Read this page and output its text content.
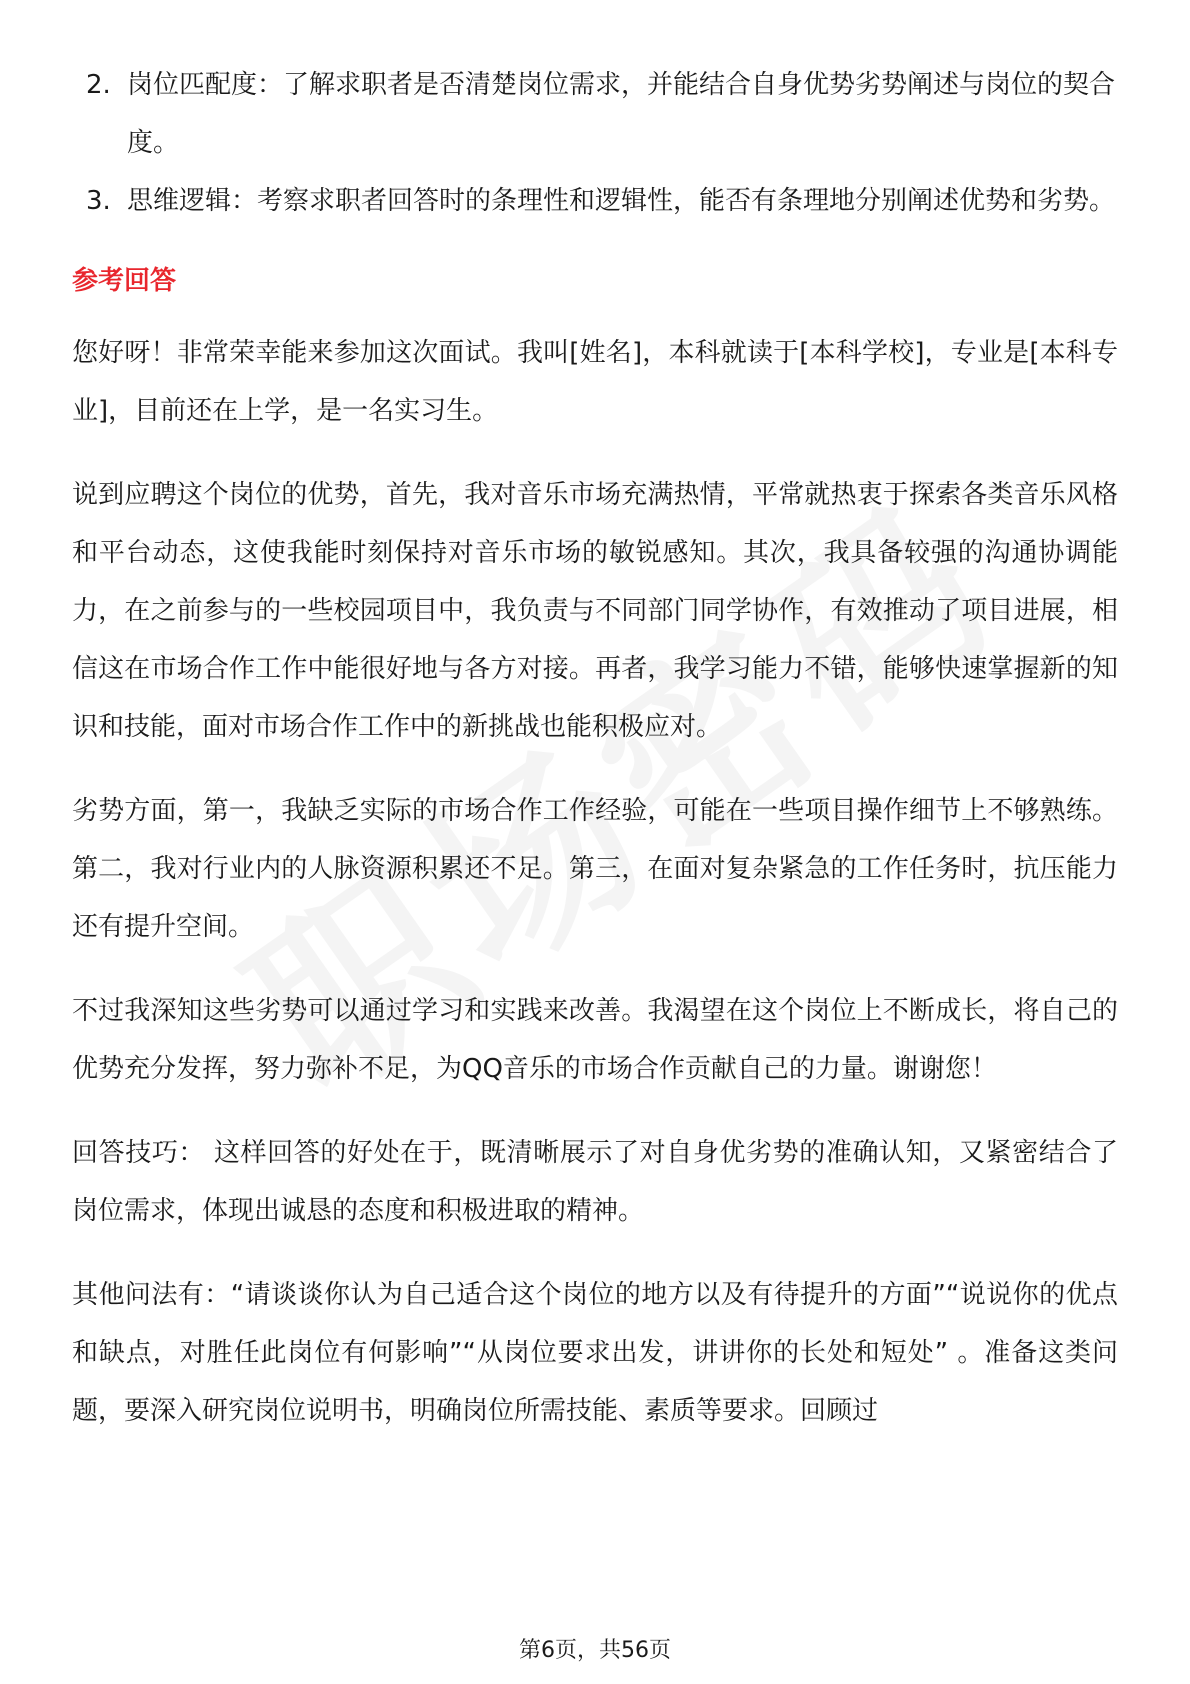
2. 岗位匹配度：了解求职者是否清楚岗位需求，并能结合自身优势劣势阐述与岗位的契合度。
3. 思维逻辑：考察求职者回答时的条理性和逻辑性，能否有条理地分别阐述优势和劣势。
参考回答

您好呀！非常荣幸能来参加这次面试。我叫[姓名]，本科就读于[本科学校]，专业是[本科专业]，目前还在上学，是一名实习生。

说到应聘这个岗位的优势，首先，我对音乐市场充满热情，平常就热衷于探索各类音乐风格和平台动态，这使我能时刻保持对音乐市场的敏锐感知。其次，我具备较强的沟通协调能力，在之前参与的一些校园项目中，我负责与不同部门同学协作，有效推动了项目进展，相信这在市场合作工作中能很好地与各方对接。再者，我学习能力不错，能够快速掌握新的知识和技能，面对市场合作工作中的新挑战也能积极应对。

劣势方面，第一，我缺乏实际的市场合作工作经验，可能在一些项目操作细节上不够熟练。第二，我对行业内的人脉资源积累还不足。第三，在面对复杂紧急的工作任务时，抗压能力还有提升空间。

不过我深知这些劣势可以通过学习和实践来改善。我渴望在这个岗位上不断成长，将自己的优势充分发挥，努力弥补不足，为QQ音乐的市场合作贡献自己的力量。谢谢您！

回答技巧： 这样回答的好处在于，既清晰展示了对自身优劣势的准确认知，又紧密结合了岗位需求，体现出诚恳的态度和积极进取的精神。

其他问法有：“请谈谈你认为自己适合这个岗位的地方以及有待提升的方面”“说说你的优点和缺点，对胜任此岗位有何影响”“从岗位要求出发，讲讲你的长处和短处” 。准备这类问题，要深入研究岗位说明书，明确岗位所需技能、素质等要求。回顾过

第6页，共56页
